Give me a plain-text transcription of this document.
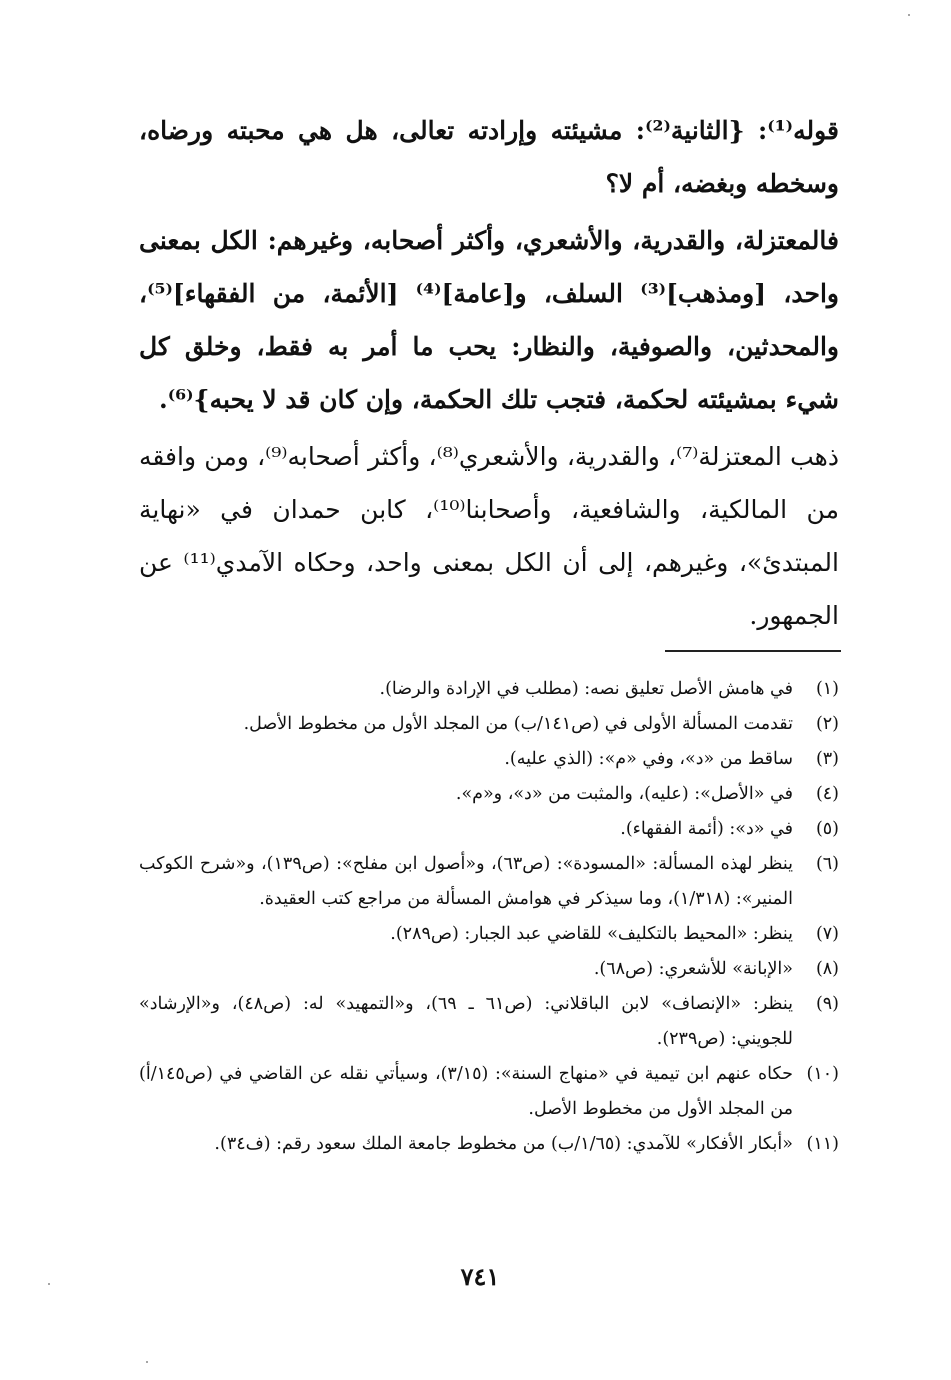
قوله⁽¹⁾: {الثانية⁽²⁾: مشيئته وإرادته تعالى، هل هي محبته ورضاه، وسخطه وبغضه، أم لا؟

فالمعتزلة، والقدرية، والأشعري، وأكثر أصحابه، وغيرهم: الكل بمعنى واحد، [ومذهب]⁽³⁾ السلف، و[عامة]⁽⁴⁾ [الأئمة، من الفقهاء]⁽⁵⁾، والمحدثين، والصوفية، والنظار: يحب ما أمر به فقط، وخلق كل شيء بمشيئته لحكمة، فتجب تلك الحكمة، وإن كان قد لا يحبه}⁽⁶⁾.

ذهب المعتزلة⁽⁷⁾، والقدرية، والأشعري⁽⁸⁾، وأكثر أصحابه⁽⁹⁾، ومن وافقه من المالكية، والشافعية، وأصحابنا⁽¹⁰⁾، كابن حمدان في «نهاية المبتدئ»، وغيرهم، إلى أن الكل بمعنى واحد، وحكاه الآمدي⁽¹¹⁾ عن الجمهور.

(١)
في هامش الأصل تعليق نصه: (مطلب في الإرادة والرضا).
(٢)
تقدمت المسألة الأولى في (ص١٤١/ب) من المجلد الأول من مخطوط الأصل.
(٣)
ساقط من «د»، وفي «م»: (الذي عليه).
(٤)
في «الأصل»: (عليه)، والمثبت من «د»، و«م».
(٥)
في «د»: (أئمة الفقهاء).
(٦)
ينظر لهذه المسألة: «المسودة»: (ص٦٣)، و«أصول ابن مفلح»: (ص١٣٩)، و«شرح الكوكب المنير»: (١/٣١٨)، وما سيذكر في هوامش المسألة من مراجع كتب العقيدة.
(٧)
ينظر: «المحيط بالتكليف» للقاضي عبد الجبار: (ص٢٨٩).
(٨)
«الإبانة» للأشعري: (ص٦٨).
(٩)
ينظر: «الإنصاف» لابن الباقلاني: (ص٦١ ـ ٦٩)، و«التمهيد» له: (ص٤٨)، و«الإرشاد» للجويني: (ص٢٣٩).
(١٠)
حكاه عنهم ابن تيمية في «منهاج السنة»: (٣/١٥)، وسيأتي نقله عن القاضي في (ص١٤٥/أ) من المجلد الأول من مخطوط الأصل.
(١١)
«أبكار الأفكار» للآمدي: (١/٦٥/ب) من مخطوط جامعة الملك سعود رقم: (ف٣٤).
٧٤١
